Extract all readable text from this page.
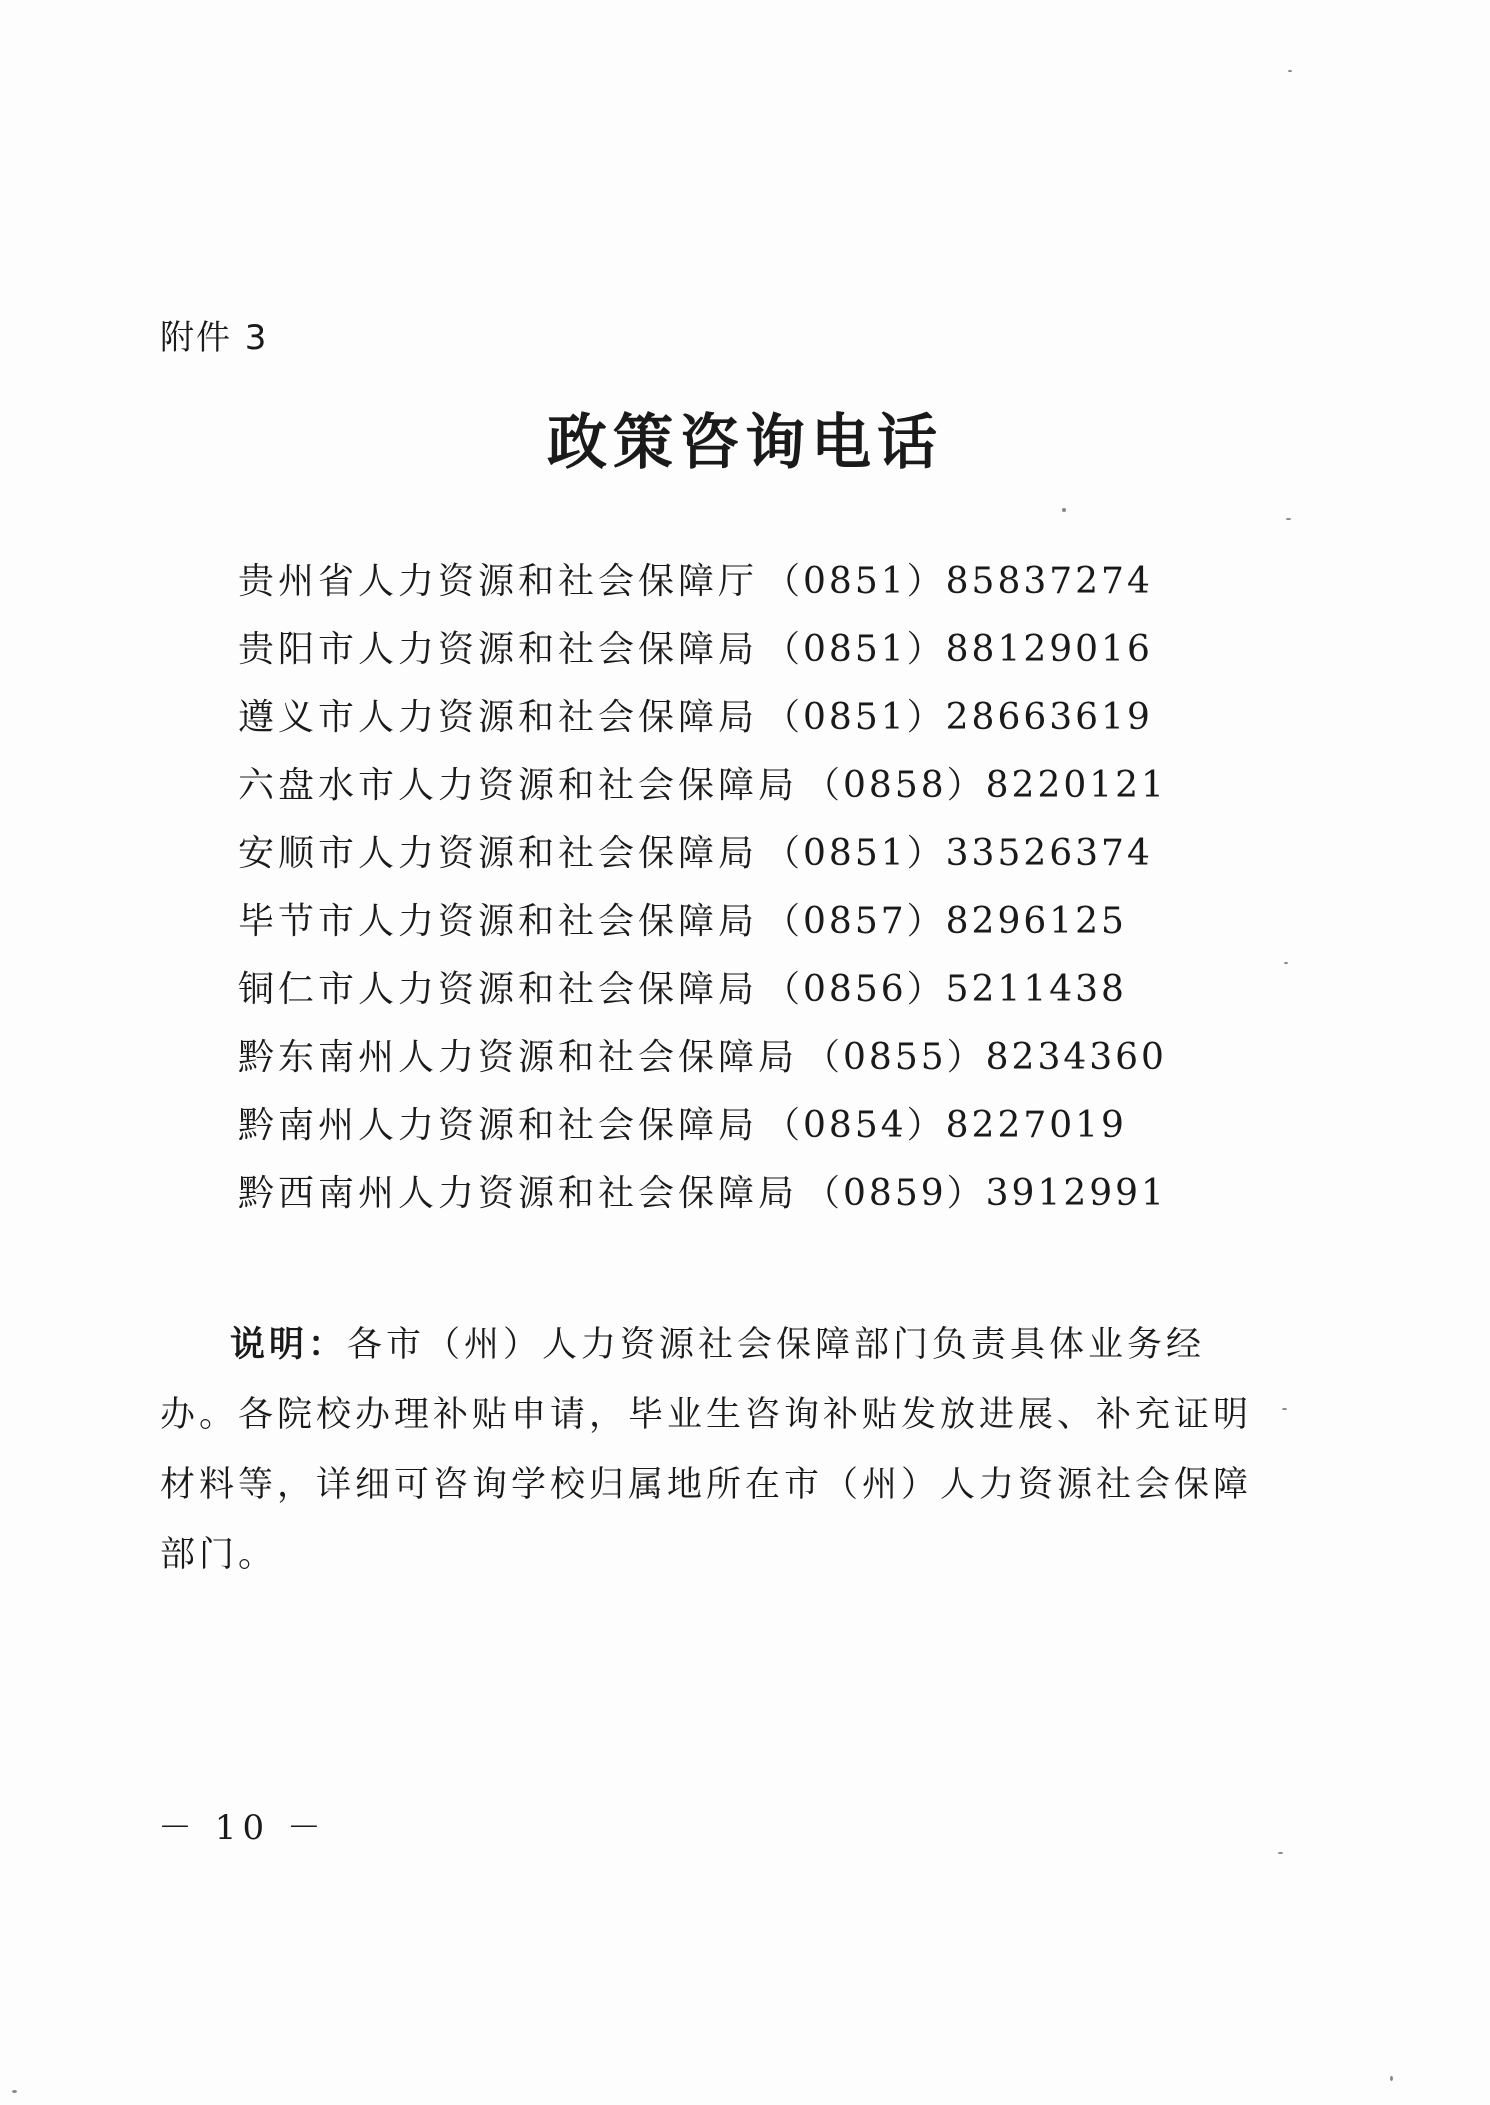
附件 3
政策咨询电话
贵州省人力资源和社会保障厅 （0851）85837274
贵阳市人力资源和社会保障局 （0851）88129016
遵义市人力资源和社会保障局 （0851）28663619
六盘水市人力资源和社会保障局 （0858）8220121
安顺市人力资源和社会保障局 （0851）33526374
毕节市人力资源和社会保障局 （0857）8296125
铜仁市人力资源和社会保障局 （0856）5211438
黔东南州人力资源和社会保障局 （0855）8234360
黔南州人力资源和社会保障局 （0854）8227019
黔西南州人力资源和社会保障局 （0859）3912991
说明：各市（州）人力资源社会保障部门负责具体业务经办。各院校办理补贴申请，毕业生咨询补贴发放进展、补充证明材料等，详细可咨询学校归属地所在市（州）人力资源社会保障部门。
－ 10 －
